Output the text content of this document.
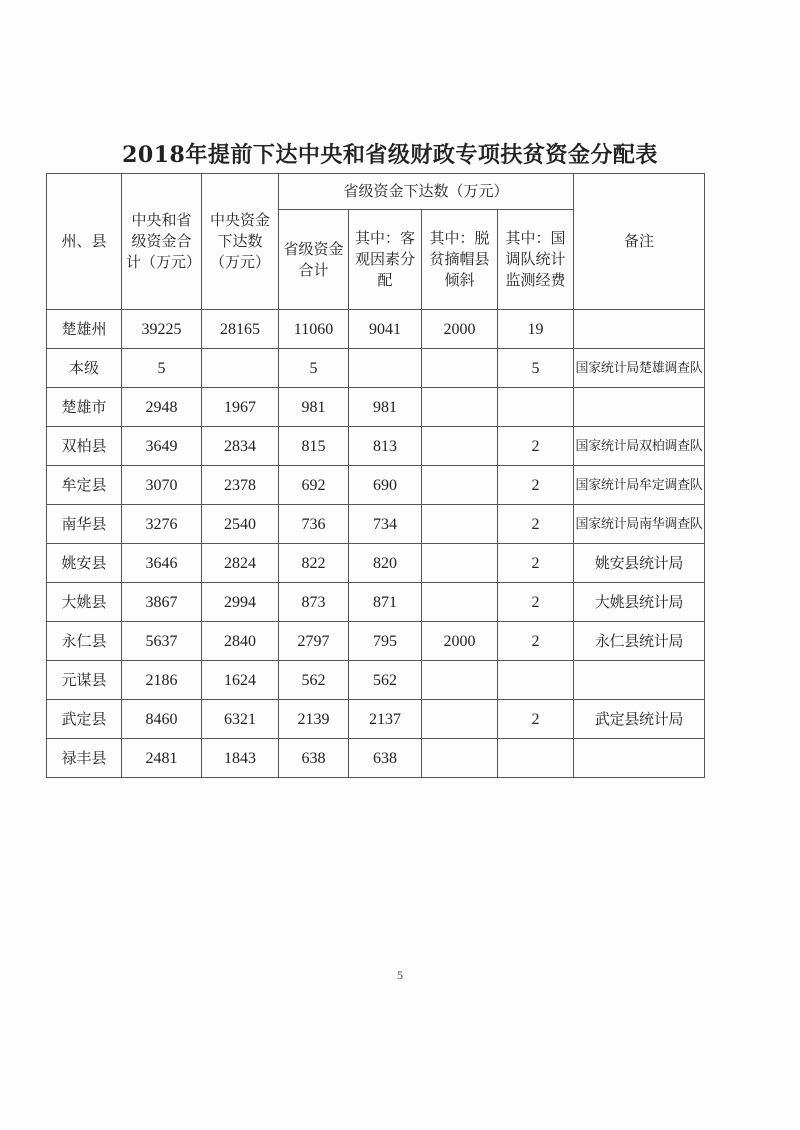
2018年提前下达中央和省级财政专项扶贫资金分配表
州、县	中央和省级资金合计（万元）	中央资金下达数（万元）	省级资金下达数（万元）				备注
			省级资金合计	其中：客观因素分配	其中：脱贫摘帽县倾斜	其中：国调队统计监测经费	
楚雄州	39225	28165	11060	9041	2000	19	
本级	5		5			5	国家统计局楚雄调查队
楚雄市	2948	1967	981	981			
双柏县	3649	2834	815	813		2	国家统计局双柏调查队
牟定县	3070	2378	692	690		2	国家统计局牟定调查队
南华县	3276	2540	736	734		2	国家统计局南华调查队
姚安县	3646	2824	822	820		2	姚安县统计局
大姚县	3867	2994	873	871		2	大姚县统计局
永仁县	5637	2840	2797	795	2000	2	永仁县统计局
元谋县	2186	1624	562	562			
武定县	8460	6321	2139	2137		2	武定县统计局
禄丰县	2481	1843	638	638			
5
